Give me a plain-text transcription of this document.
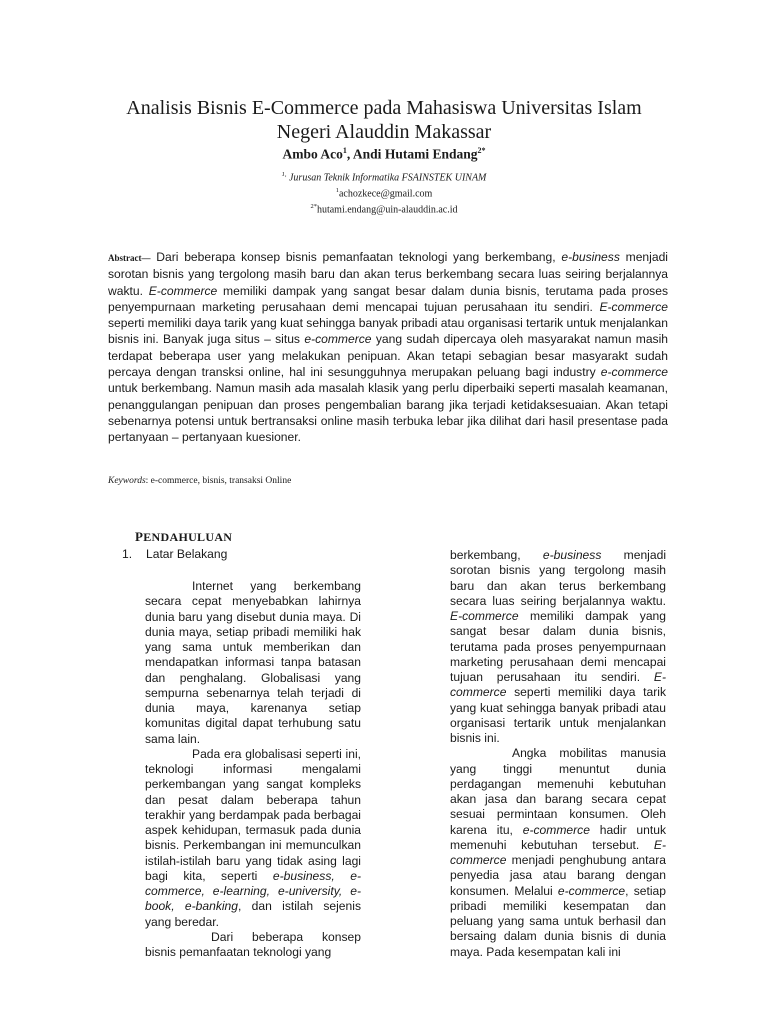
Analisis Bisnis E-Commerce pada Mahasiswa Universitas Islam
Negeri Alauddin Makassar
Ambo Aco$^1$, Andi Hutami Endang$^{2*}$
$^{1,}$ Jurusan Teknik Informatika FSAINSTEK UINAM
$^1$achozkece@gmail.com
$^{2*}$hutami.endang@uin-alauddin.ac.id

Abstract— Dari beberapa konsep bisnis pemanfaatan teknologi yang berkembang, e-business menjadi sorotan bisnis yang tergolong masih baru dan akan terus berkembang secara luas seiring berjalannya waktu. E-commerce memiliki dampak yang sangat besar dalam dunia bisnis, terutama pada proses penyempurnaan marketing perusahaan demi mencapai tujuan perusahaan itu sendiri. E-commerce seperti memiliki daya tarik yang kuat sehingga banyak pribadi atau organisasi tertarik untuk menjalankan bisnis ini. Banyak juga situs – situs e-commerce yang sudah dipercaya oleh masyarakat namun masih terdapat beberapa user yang melakukan penipuan. Akan tetapi sebagian besar masyarakt sudah percaya dengan transksi online, hal ini sesungguhnya merupakan peluang bagi industry e-commerce untuk berkembang. Namun masih ada masalah klasik yang perlu diperbaiki seperti masalah keamanan, penanggulangan penipuan dan proses pengembalian barang jika terjadi ketidaksesuaian. Akan tetapi sebenarnya potensi untuk bertransaksi online masih terbuka lebar jika dilihat dari hasil presentase pada pertanyaan – pertanyaan kuesioner.

Keywords: e-commerce, bisnis, transaksi Online

PENDAHULUAN
1. Latar Belakang
Internet yang berkembang secara cepat menyebabkan lahirnya dunia baru yang disebut dunia maya. Di dunia maya, setiap pribadi memiliki hak yang sama untuk memberikan dan mendapatkan informasi tanpa batasan dan penghalang. Globalisasi yang sempurna sebenarnya telah terjadi di dunia maya, karenanya setiap komunitas digital dapat terhubung satu sama lain.
Pada era globalisasi seperti ini, teknologi informasi mengalami perkembangan yang sangat kompleks dan pesat dalam beberapa tahun terakhir yang berdampak pada berbagai aspek kehidupan, termasuk pada dunia bisnis. Perkembangan ini memunculkan istilah-istilah baru yang tidak asing lagi bagi kita, seperti e-business, e-commerce, e-learning, e-university, e-book, e-banking, dan istilah sejenis yang beredar.
Dari beberapa konsep bisnis pemanfaatan teknologi yang
berkembang, e-business menjadi sorotan bisnis yang tergolong masih baru dan akan terus berkembang secara luas seiring berjalannya waktu. E-commerce memiliki dampak yang sangat besar dalam dunia bisnis, terutama pada proses penyempurnaan marketing perusahaan demi mencapai tujuan perusahaan itu sendiri. E-commerce seperti memiliki daya tarik yang kuat sehingga banyak pribadi atau organisasi tertarik untuk menjalankan bisnis ini.
Angka mobilitas manusia yang tinggi menuntut dunia perdagangan memenuhi kebutuhan akan jasa dan barang secara cepat sesuai permintaan konsumen. Oleh karena itu, e-commerce hadir untuk memenuhi kebutuhan tersebut. E-commerce menjadi penghubung antara penyedia jasa atau barang dengan konsumen. Melalui e-commerce, setiap pribadi memiliki kesempatan dan peluang yang sama untuk berhasil dan bersaing dalam dunia bisnis di dunia maya. Pada kesempatan kali ini
